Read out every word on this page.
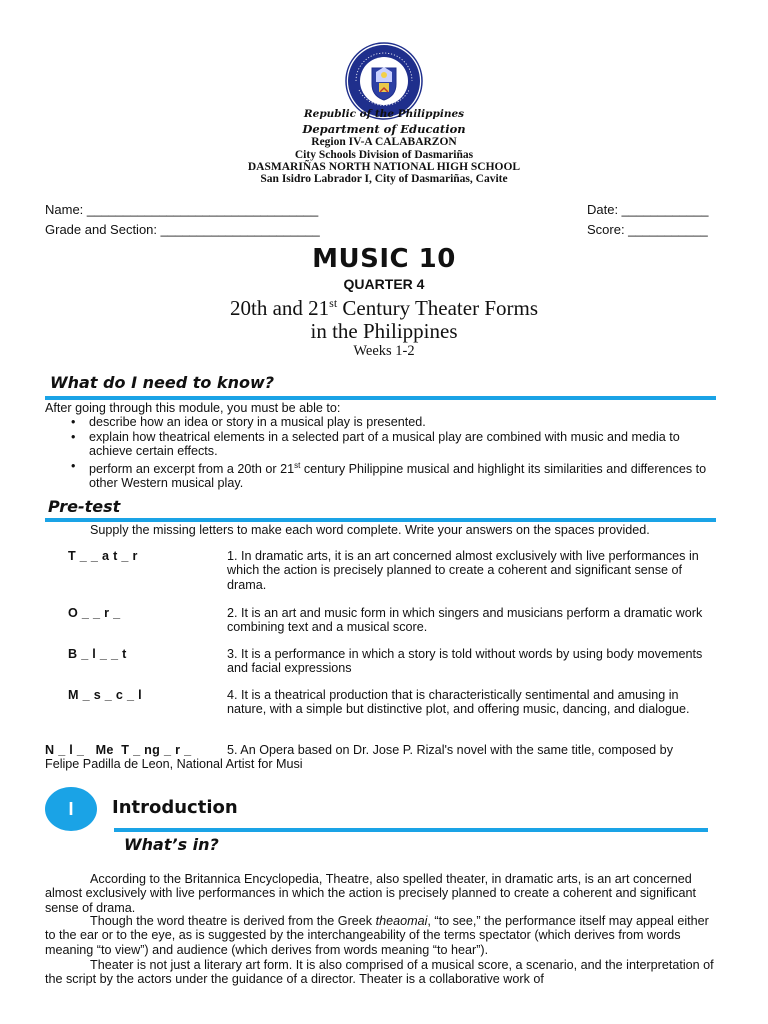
Republic of the Philippines
Department of Education
Region IV-A CALABARZON
City Schools Division of Dasmariñas
DASMARIÑAS NORTH NATIONAL HIGH SCHOOL
San Isidro Labrador I, City of Dasmariñas, Cavite
Name: ________________________________	Date: ____________
Grade and Section: ______________________	Score: ___________
MUSIC 10
QUARTER 4
20th and 21st Century Theater Forms
in the Philippines
Weeks 1-2
What do I need to know?
After going through this module, you must be able to:
• describe how an idea or story in a musical play is presented.
• explain how theatrical elements in a selected part of a musical play are combined with music and media to achieve certain effects.
• perform an excerpt from a 20th or 21st century Philippine musical and highlight its similarities and differences to other Western musical play.
Pre-test
Supply the missing letters to make each word complete. Write your answers on the spaces provided.
T _ _ a t _ r	1. In dramatic arts, it is an art concerned almost exclusively with live performances in which the action is precisely planned to create a coherent and significant sense of drama.
O _ _ r _	2. It is an art and music form in which singers and musicians perform a dramatic work combining text and a musical score.
B _ l _ _ t	3. It is a performance in which a story is told without words by using body movements and facial expressions
M _ s _ c _ l	4. It is a theatrical production that is characteristically sentimental and amusing in nature, with a simple but distinctive plot, and offering music, dancing, and dialogue.
N _ l _   Me  T _ ng _ r _	5. An Opera based on Dr. Jose P. Rizal's novel with the same title, composed by
Felipe Padilla de Leon, National Artist for Musi
I	Introduction
What’s in?
According to the Britannica Encyclopedia, Theatre, also spelled theater, in dramatic arts, is an art concerned almost exclusively with live performances in which the action is precisely planned to create a coherent and significant sense of drama.
Though the word theatre is derived from the Greek theaomai, “to see,” the performance itself may appeal either to the ear or to the eye, as is suggested by the interchangeability of the terms spectator (which derives from words meaning “to view”) and audience (which derives from words meaning “to hear”).
Theater is not just a literary art form. It is also comprised of a musical score, a scenario, and the interpretation of the script by the actors under the guidance of a director. Theater is a collaborative work of
